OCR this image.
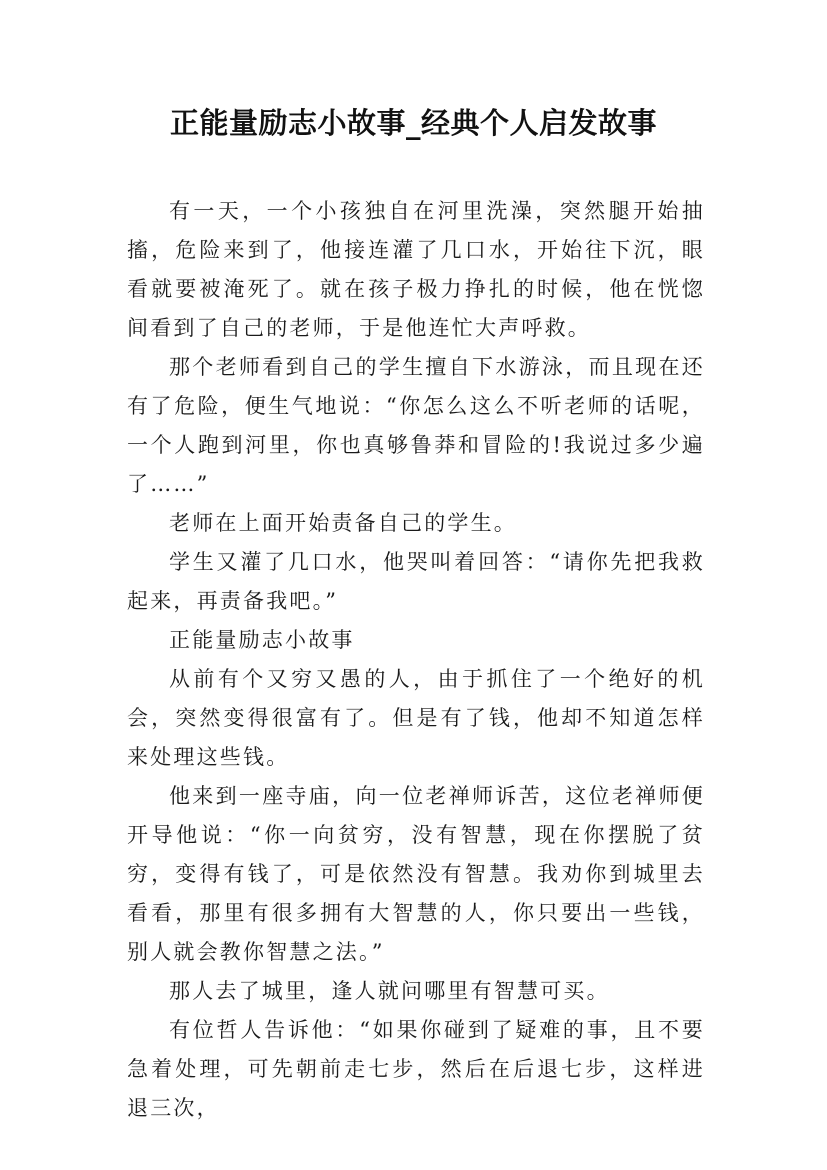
正能量励志小故事_经典个人启发故事

有一天，一个小孩独自在河里洗澡，突然腿开始抽搐，危险来到了，他接连灌了几口水，开始往下沉，眼看就要被淹死了。就在孩子极力挣扎的时候，他在恍惚间看到了自己的老师，于是他连忙大声呼救。

那个老师看到自己的学生擅自下水游泳，而且现在还有了危险，便生气地说：“你怎么这么不听老师的话呢，一个人跑到河里，你也真够鲁莽和冒险的!我说过多少遍了……”

老师在上面开始责备自己的学生。

学生又灌了几口水，他哭叫着回答：“请你先把我救起来，再责备我吧。”

正能量励志小故事

从前有个又穷又愚的人，由于抓住了一个绝好的机会，突然变得很富有了。但是有了钱，他却不知道怎样来处理这些钱。

他来到一座寺庙，向一位老禅师诉苦，这位老禅师便开导他说：“你一向贫穷，没有智慧，现在你摆脱了贫穷，变得有钱了，可是依然没有智慧。我劝你到城里去看看，那里有很多拥有大智慧的人，你只要出一些钱，别人就会教你智慧之法。”

那人去了城里，逢人就问哪里有智慧可买。

有位哲人告诉他：“如果你碰到了疑难的事，且不要急着处理，可先朝前走七步，然后在后退七步，这样进退三次，
